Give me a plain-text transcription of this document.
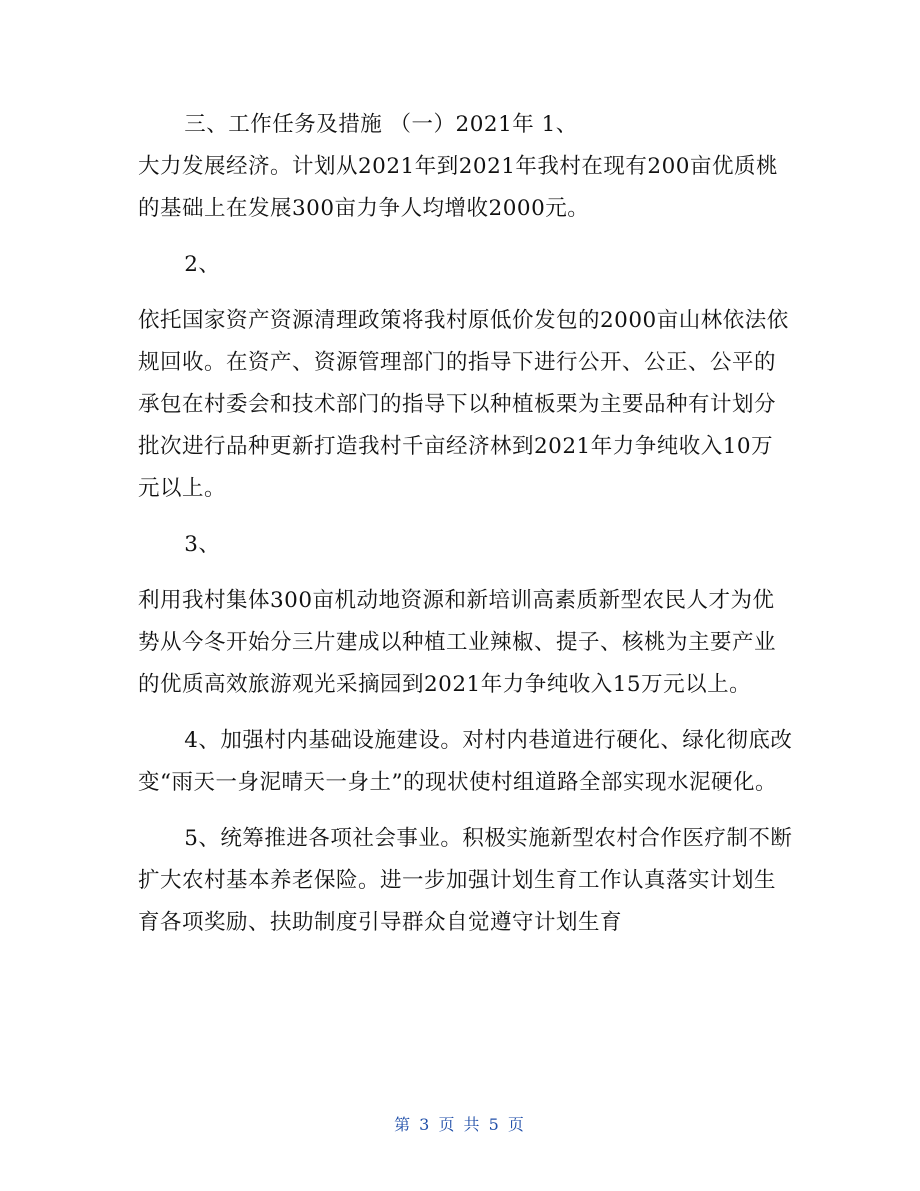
三、工作任务及措施 （一）2021年 1、

大力发展经济。计划从2021年到2021年我村在现有200亩优质桃的基础上在发展300亩力争人均增收2000元。

2、

依托国家资产资源清理政策将我村原低价发包的2000亩山林依法依规回收。在资产、资源管理部门的指导下进行公开、公正、公平的承包在村委会和技术部门的指导下以种植板栗为主要品种有计划分批次进行品种更新打造我村千亩经济林到2021年力争纯收入10万元以上。

3、

利用我村集体300亩机动地资源和新培训高素质新型农民人才为优势从今冬开始分三片建成以种植工业辣椒、提子、核桃为主要产业的优质高效旅游观光采摘园到2021年力争纯收入15万元以上。

4、加强村内基础设施建设。对村内巷道进行硬化、绿化彻底改变“雨天一身泥晴天一身土”的现状使村组道路全部实现水泥硬化。

5、统筹推进各项社会事业。积极实施新型农村合作医疗制不断扩大农村基本养老保险。进一步加强计划生育工作认真落实计划生育各项奖励、扶助制度引导群众自觉遵守计划生育

第 3 页 共 5 页
